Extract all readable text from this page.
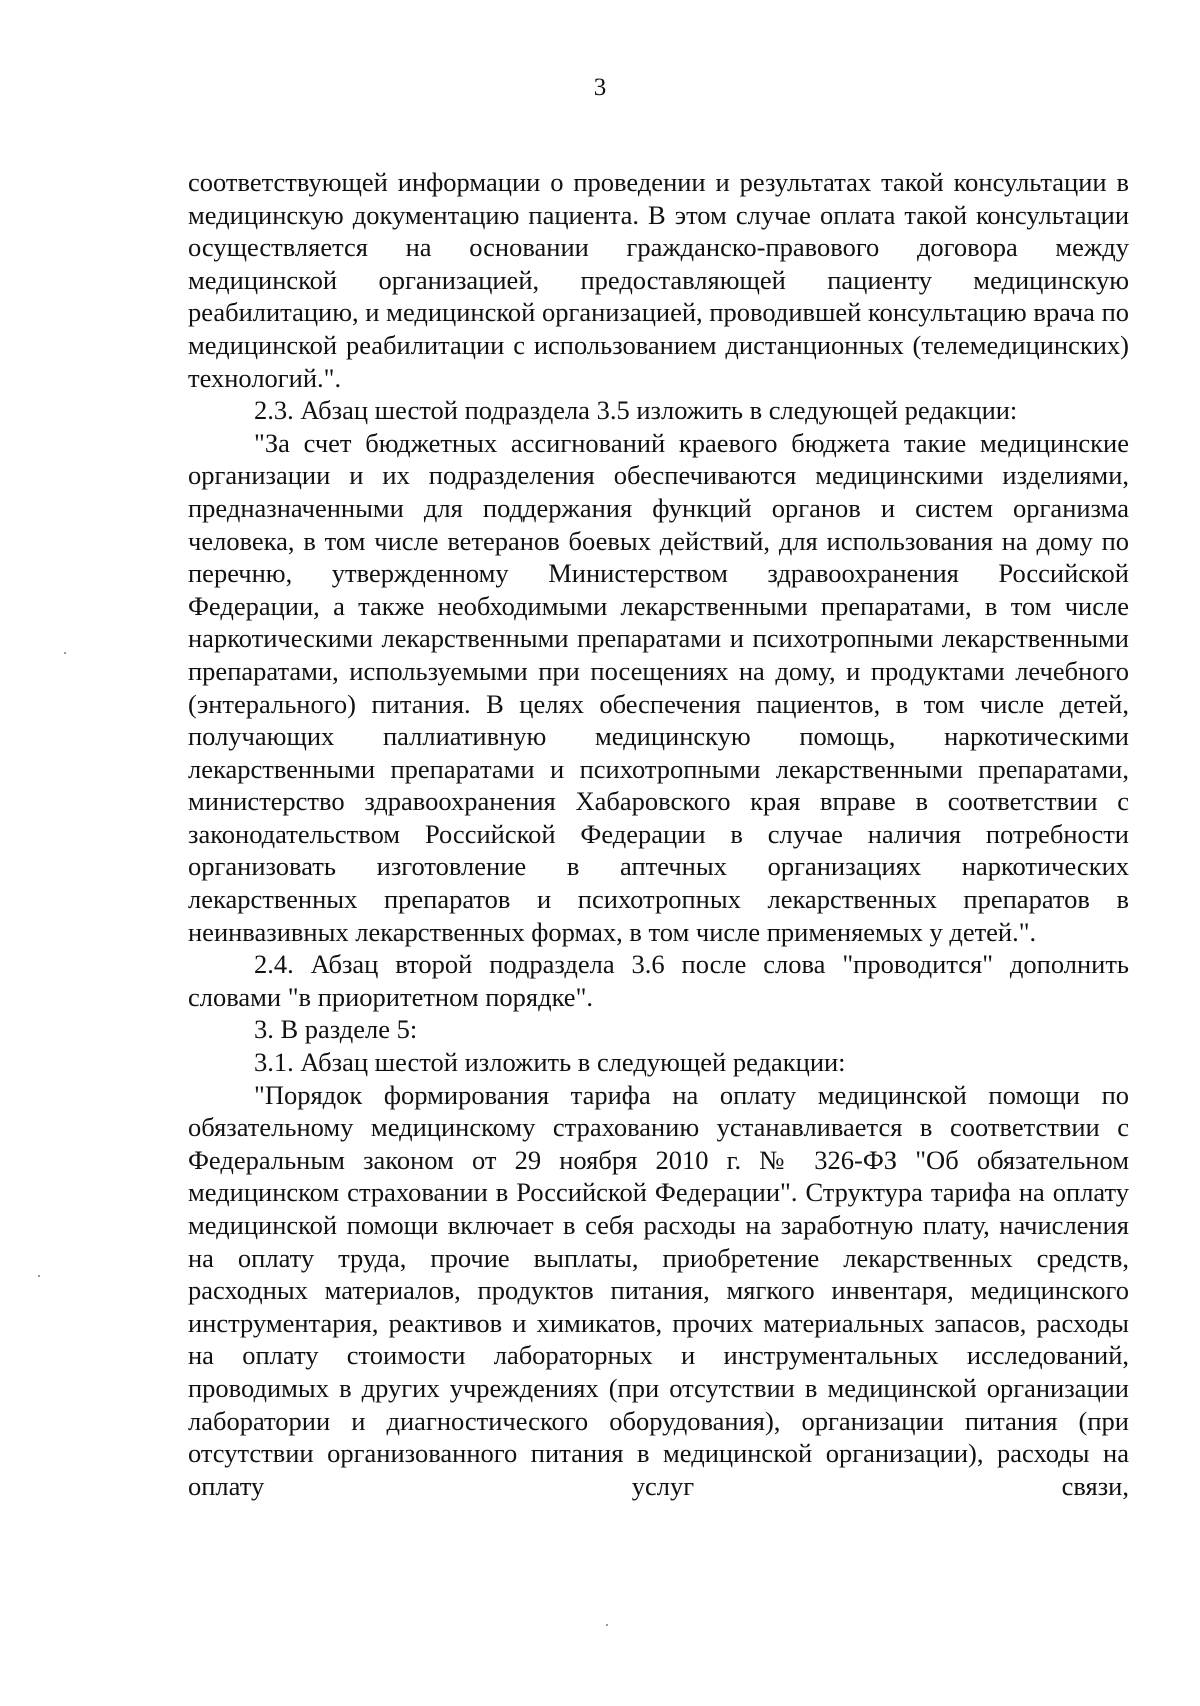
3

соответствующей информации о проведении и результатах такой консультации в медицинскую документацию пациента. В этом случае оплата такой консультации осуществляется на основании гражданско-правового договора между медицинской организацией, предоставляющей пациенту медицинскую реабилитацию, и медицинской организацией, проводившей консультацию врача по медицинской реабилитации с использованием дистанционных (телемедицинских) технологий.".

2.3. Абзац шестой подраздела 3.5 изложить в следующей редакции:

"За счет бюджетных ассигнований краевого бюджета такие медицинские организации и их подразделения обеспечиваются медицинскими изделиями, предназначенными для поддержания функций органов и систем организма человека, в том числе ветеранов боевых действий, для использования на дому по перечню, утвержденному Министерством здравоохранения Российской Федерации, а также необходимыми лекарственными препаратами, в том числе наркотическими лекарственными препаратами и психотропными лекарственными препаратами, используемыми при посещениях на дому, и продуктами лечебного (энтерального) питания. В целях обеспечения пациентов, в том числе детей, получающих паллиативную медицинскую помощь, наркотическими лекарственными препаратами и психотропными лекарственными препаратами, министерство здравоохранения Хабаровского края вправе в соответствии с законодательством Российской Федерации в случае наличия потребности организовать изготовление в аптечных организациях наркотических лекарственных препаратов и психотропных лекарственных препаратов в неинвазивных лекарственных формах, в том числе применяемых у детей.".

2.4. Абзац второй подраздела 3.6 после слова "проводится" дополнить словами "в приоритетном порядке".

3. В разделе 5:

3.1. Абзац шестой изложить в следующей редакции:

"Порядок формирования тарифа на оплату медицинской помощи по обязательному медицинскому страхованию устанавливается в соответствии с Федеральным законом от 29 ноября 2010 г. № 326-ФЗ "Об обязательном медицинском страховании в Российской Федерации". Структура тарифа на оплату медицинской помощи включает в себя расходы на заработную плату, начисления на оплату труда, прочие выплаты, приобретение лекарственных средств, расходных материалов, продуктов питания, мягкого инвентаря, медицинского инструментария, реактивов и химикатов, прочих материальных запасов, расходы на оплату стоимости лабораторных и инструментальных исследований, проводимых в других учреждениях (при отсутствии в медицинской организации лаборатории и диагностического оборудования), организации питания (при отсутствии организованного питания в медицинской организации), расходы на оплату услуг связи,
